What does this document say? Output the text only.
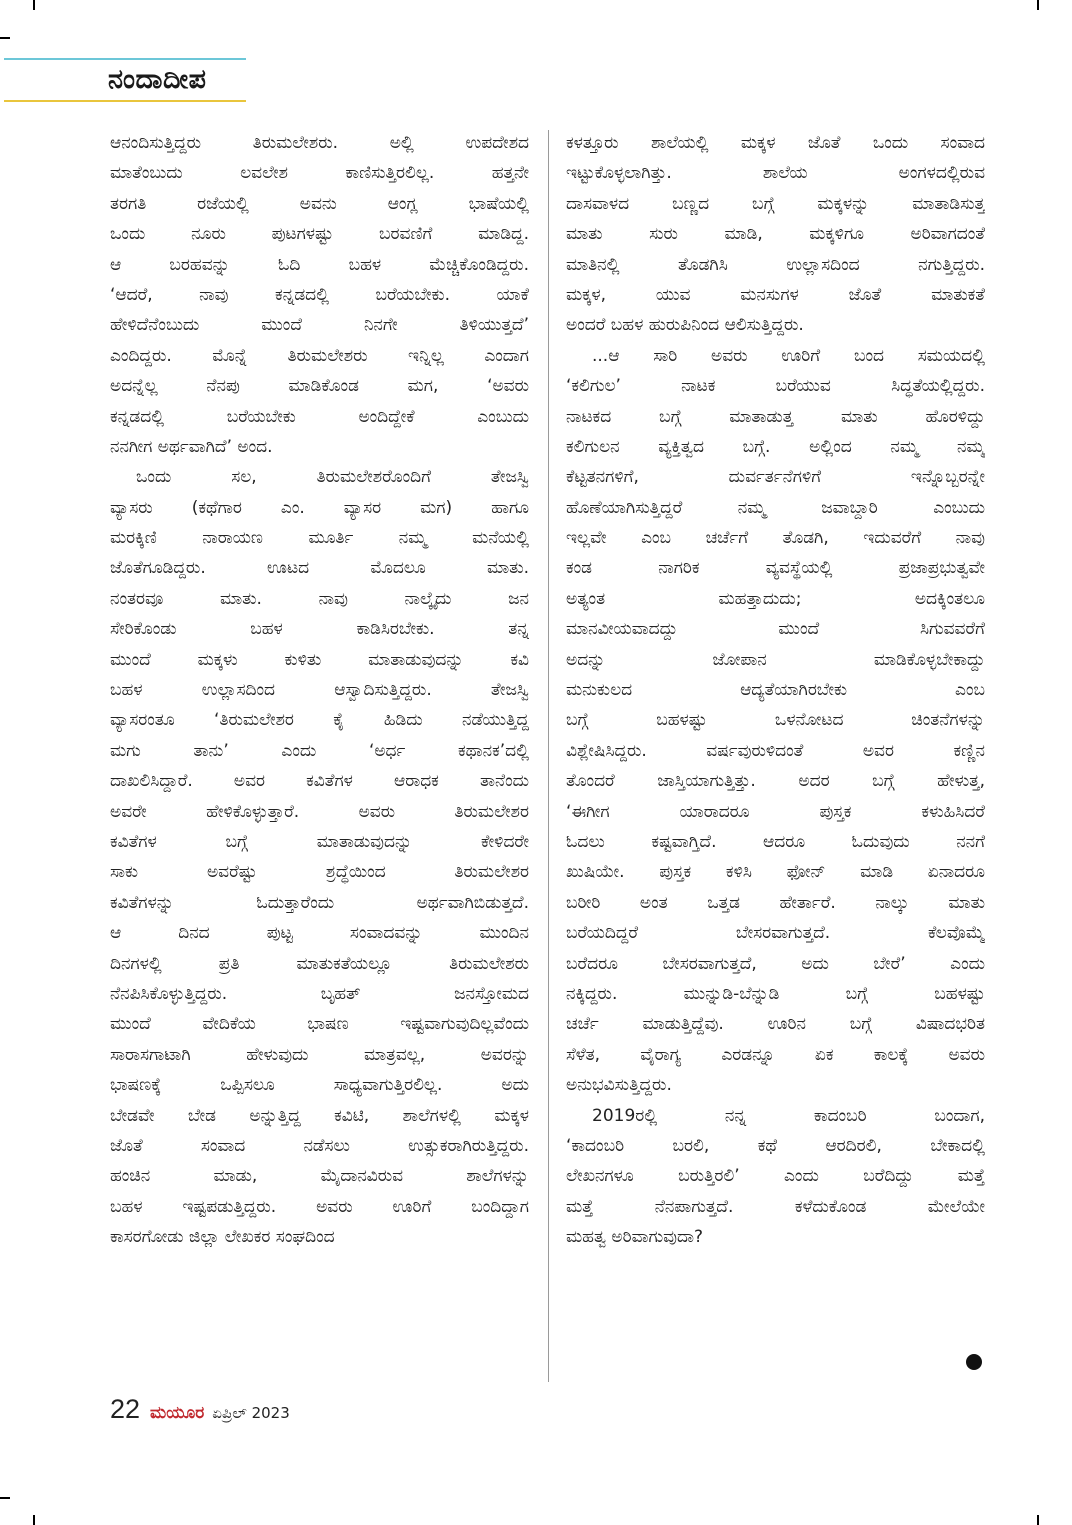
ನಂದಾದೀಪ
ಆನಂದಿಸುತ್ತಿದ್ದರು ತಿರುಮಲೇಶರು. ಅಲ್ಲಿ ಉಪದೇಶದ
ಮಾತೆಂಬುದು ಲವಲೇಶ ಕಾಣಿಸುತ್ತಿರಲಿಲ್ಲ. ಹತ್ತನೇ
ತರಗತಿ ರಜೆಯಲ್ಲಿ ಅವನು ಆಂಗ್ಲ ಭಾಷೆಯಲ್ಲಿ
ಒಂದು ನೂರು ಪುಟಗಳಷ್ಟು ಬರವಣಿಗೆ ಮಾಡಿದ್ದ.
ಆ ಬರಹವನ್ನು ಓದಿ ಬಹಳ ಮೆಚ್ಚಿಕೊಂಡಿದ್ದರು.
‘ಆದರೆ, ನಾವು ಕನ್ನಡದಲ್ಲಿ ಬರೆಯಬೇಕು. ಯಾಕೆ
ಹೇಳಿದೆನೆಂಬುದು ಮುಂದೆ ನಿನಗೇ ತಿಳಿಯುತ್ತದೆ’
ಎಂದಿದ್ದರು. ಮೊನ್ನೆ ತಿರುಮಲೇಶರು ಇನ್ನಿಲ್ಲ ಎಂದಾಗ
ಅದನ್ನೆಲ್ಲ ನೆನಪು ಮಾಡಿಕೊಂಡ ಮಗ, ‘ಅವರು
ಕನ್ನಡದಲ್ಲಿ ಬರೆಯಬೇಕು ಅಂದಿದ್ದೇಕೆ ಎಂಬುದು
ನನಗೀಗ ಅರ್ಥವಾಗಿದೆ’ ಅಂದ.
ಒಂದು ಸಲ, ತಿರುಮಲೇಶರೊಂದಿಗೆ ತೇಜಸ್ವಿ
ವ್ಯಾಸರು (ಕಥೆಗಾರ ಎಂ. ವ್ಯಾಸರ ಮಗ) ಹಾಗೂ
ಮರಕ್ಕಿಣಿ ನಾರಾಯಣ ಮೂರ್ತಿ ನಮ್ಮ ಮನೆಯಲ್ಲಿ
ಜೊತೆಗೂಡಿದ್ದರು. ಊಟದ ಮೊದಲೂ ಮಾತು.
ನಂತರವೂ ಮಾತು. ನಾವು ನಾಲ್ಕೈದು ಜನ
ಸೇರಿಕೊಂಡು ಬಹಳ ಕಾಡಿಸಿರಬೇಕು. ತನ್ನ
ಮುಂದೆ ಮಕ್ಕಳು ಕುಳಿತು ಮಾತಾಡುವುದನ್ನು ಕವಿ
ಬಹಳ ಉಲ್ಲಾಸದಿಂದ ಆಸ್ವಾದಿಸುತ್ತಿದ್ದರು. ತೇಜಸ್ವಿ
ವ್ಯಾಸರಂತೂ ‘ತಿರುಮಲೇಶರ ಕೈ ಹಿಡಿದು ನಡೆಯುತ್ತಿದ್ದ
ಮಗು ತಾನು’ ಎಂದು ‘ಅರ್ಧ ಕಥಾನಕ’ದಲ್ಲಿ
ದಾಖಲಿಸಿದ್ದಾರೆ. ಅವರ ಕವಿತೆಗಳ ಆರಾಧಕ ತಾನೆಂದು
ಅವರೇ ಹೇಳಿಕೊಳ್ಳುತ್ತಾರೆ. ಅವರು ತಿರುಮಲೇಶರ
ಕವಿತೆಗಳ ಬಗ್ಗೆ ಮಾತಾಡುವುದನ್ನು ಕೇಳಿದರೇ
ಸಾಕು ಅವರೆಷ್ಟು ಶ್ರದ್ಧೆಯಿಂದ ತಿರುಮಲೇಶರ
ಕವಿತೆಗಳನ್ನು ಓದುತ್ತಾರೆಂದು ಅರ್ಥವಾಗಿಬಿಡುತ್ತದೆ.
ಆ ದಿನದ ಪುಟ್ಟ ಸಂವಾದವನ್ನು ಮುಂದಿನ
ದಿನಗಳಲ್ಲಿ ಪ್ರತಿ ಮಾತುಕತೆಯಲ್ಲೂ ತಿರುಮಲೇಶರು
ನೆನಪಿಸಿಕೊಳ್ಳುತ್ತಿದ್ದರು. ಬೃಹತ್ ಜನಸ್ತೋಮದ
ಮುಂದೆ ವೇದಿಕೆಯ ಭಾಷಣ ಇಷ್ಟವಾಗುವುದಿಲ್ಲವೆಂದು
ಸಾರಾಸಗಾಟಾಗಿ ಹೇಳುವುದು ಮಾತ್ರವಲ್ಲ, ಅವರನ್ನು
ಭಾಷಣಕ್ಕೆ ಒಪ್ಪಿಸಲೂ ಸಾಧ್ಯವಾಗುತ್ತಿರಲಿಲ್ಲ. ಅದು
ಬೇಡವೇ ಬೇಡ ಅನ್ನುತ್ತಿದ್ದ ಕವಿಟಿ, ಶಾಲೆಗಳಲ್ಲಿ ಮಕ್ಕಳ
ಜೊತೆ ಸಂವಾದ ನಡೆಸಲು ಉತ್ಸುಕರಾಗಿರುತ್ತಿದ್ದರು.
ಹಂಚಿನ ಮಾಡು, ಮೈದಾನವಿರುವ ಶಾಲೆಗಳನ್ನು
ಬಹಳ ಇಷ್ಟಪಡುತ್ತಿದ್ದರು. ಅವರು ಊರಿಗೆ ಬಂದಿದ್ದಾಗ
ಕಾಸರಗೋಡು ಜಿಲ್ಲಾ ಲೇಖಕರ ಸಂಘದಿಂದ
ಕಳತ್ತೂರು ಶಾಲೆಯಲ್ಲಿ ಮಕ್ಕಳ ಜೊತೆ ಒಂದು ಸಂವಾದ
ಇಟ್ಟುಕೊಳ್ಳಲಾಗಿತ್ತು. ಶಾಲೆಯ ಅಂಗಳದಲ್ಲಿರುವ
ದಾಸವಾಳದ ಬಣ್ಣದ ಬಗ್ಗೆ ಮಕ್ಕಳನ್ನು ಮಾತಾಡಿಸುತ್ತ
ಮಾತು ಸುರು ಮಾಡಿ, ಮಕ್ಕಳಿಗೂ ಅರಿವಾಗದಂತೆ
ಮಾತಿನಲ್ಲಿ ತೊಡಗಿಸಿ ಉಲ್ಲಾಸದಿಂದ ನಗುತ್ತಿದ್ದರು.
ಮಕ್ಕಳ, ಯುವ ಮನಸುಗಳ ಜೊತೆ ಮಾತುಕತೆ
ಅಂದರೆ ಬಹಳ ಹುರುಪಿನಿಂದ ಆಲಿಸುತ್ತಿದ್ದರು.
...ಆ ಸಾರಿ ಅವರು ಊರಿಗೆ ಬಂದ ಸಮಯದಲ್ಲಿ
‘ಕಲಿಗುಲ’ ನಾಟಕ ಬರೆಯುವ ಸಿದ್ಧತೆಯಲ್ಲಿದ್ದರು.
ನಾಟಕದ ಬಗ್ಗೆ ಮಾತಾಡುತ್ತ ಮಾತು ಹೊರಳಿದ್ದು
ಕಲಿಗುಲನ ವ್ಯಕ್ತಿತ್ವದ ಬಗ್ಗೆ. ಅಲ್ಲಿಂದ ನಮ್ಮ ನಮ್ಮ
ಕೆಟ್ಟತನಗಳಿಗೆ, ದುರ್ವರ್ತನೆಗಳಿಗೆ ಇನ್ನೊಬ್ಬರನ್ನೇ
ಹೊಣೆಯಾಗಿಸುತ್ತಿದ್ದರೆ ನಮ್ಮ ಜವಾಬ್ದಾರಿ ಎಂಬುದು
ಇಲ್ಲವೇ ಎಂಬ ಚರ್ಚೆಗೆ ತೊಡಗಿ, ಇದುವರೆಗೆ ನಾವು
ಕಂಡ ನಾಗರಿಕ ವ್ಯವಸ್ಥೆಯಲ್ಲಿ ಪ್ರಜಾಪ್ರಭುತ್ವವೇ
ಅತ್ಯಂತ ಮಹತ್ತಾದುದು; ಅದಕ್ಕಿಂತಲೂ
ಮಾನವೀಯವಾದದ್ದು ಮುಂದೆ ಸಿಗುವವರೆಗೆ
ಅದನ್ನು ಜೋಪಾನ ಮಾಡಿಕೊಳ್ಳಬೇಕಾದ್ದು
ಮನುಕುಲದ ಆದ್ಯತೆಯಾಗಿರಬೇಕು ಎಂಬ
ಬಗ್ಗೆ ಬಹಳಷ್ಟು ಒಳನೋಟದ ಚಿಂತನೆಗಳನ್ನು
ವಿಶ್ಲೇಷಿಸಿದ್ದರು. ವರ್ಷವುರುಳಿದಂತೆ ಅವರ ಕಣ್ಣಿನ
ತೊಂದರೆ ಜಾಸ್ತಿಯಾಗುತ್ತಿತ್ತು. ಅದರ ಬಗ್ಗೆ ಹೇಳುತ್ತ,
‘ಈಗೀಗ ಯಾರಾದರೂ ಪುಸ್ತಕ ಕಳುಹಿಸಿದರೆ
ಓದಲು ಕಷ್ಟವಾಗ್ತಿದೆ. ಆದರೂ ಓದುವುದು ನನಗೆ
ಖುಷಿಯೇ. ಪುಸ್ತಕ ಕಳಿಸಿ ಫೋನ್ ಮಾಡಿ ಏನಾದರೂ
ಬರೀರಿ ಅಂತ ಒತ್ತಡ ಹೇರ್ತಾರೆ. ನಾಲ್ಕು ಮಾತು
ಬರೆಯದಿದ್ದರೆ ಬೇಸರವಾಗುತ್ತದೆ. ಕೆಲವೊಮ್ಮೆ
ಬರೆದರೂ ಬೇಸರವಾಗುತ್ತದೆ, ಅದು ಬೇರೆ’ ಎಂದು
ನಕ್ಕಿದ್ದರು. ಮುನ್ನುಡಿ-ಬೆನ್ನುಡಿ ಬಗ್ಗೆ ಬಹಳಷ್ಟು
ಚರ್ಚೆ ಮಾಡುತ್ತಿದ್ದೆವು. ಊರಿನ ಬಗ್ಗೆ ವಿಷಾದಭರಿತ
ಸೆಳೆತ, ವೈರಾಗ್ಯ ಎರಡನ್ನೂ ಏಕ ಕಾಲಕ್ಕೆ ಅವರು
ಅನುಭವಿಸುತ್ತಿದ್ದರು.
2019ರಲ್ಲಿ ನನ್ನ ಕಾದಂಬರಿ ಬಂದಾಗ,
‘ಕಾದಂಬರಿ ಬರಲಿ, ಕಥೆ ಆರದಿರಲಿ, ಬೇಕಾದಲ್ಲಿ
ಲೇಖನಗಳೂ ಬರುತ್ತಿರಲಿ’ ಎಂದು ಬರೆದಿದ್ದು ಮತ್ತೆ
ಮತ್ತೆ ನೆನಪಾಗುತ್ತದೆ. ಕಳೆದುಕೊಂಡ ಮೇಲೆಯೇ
ಮಹತ್ವ ಅರಿವಾಗುವುದಾ?
22 ಮಯೂರ ಏಪ್ರಿಲ್ 2023
